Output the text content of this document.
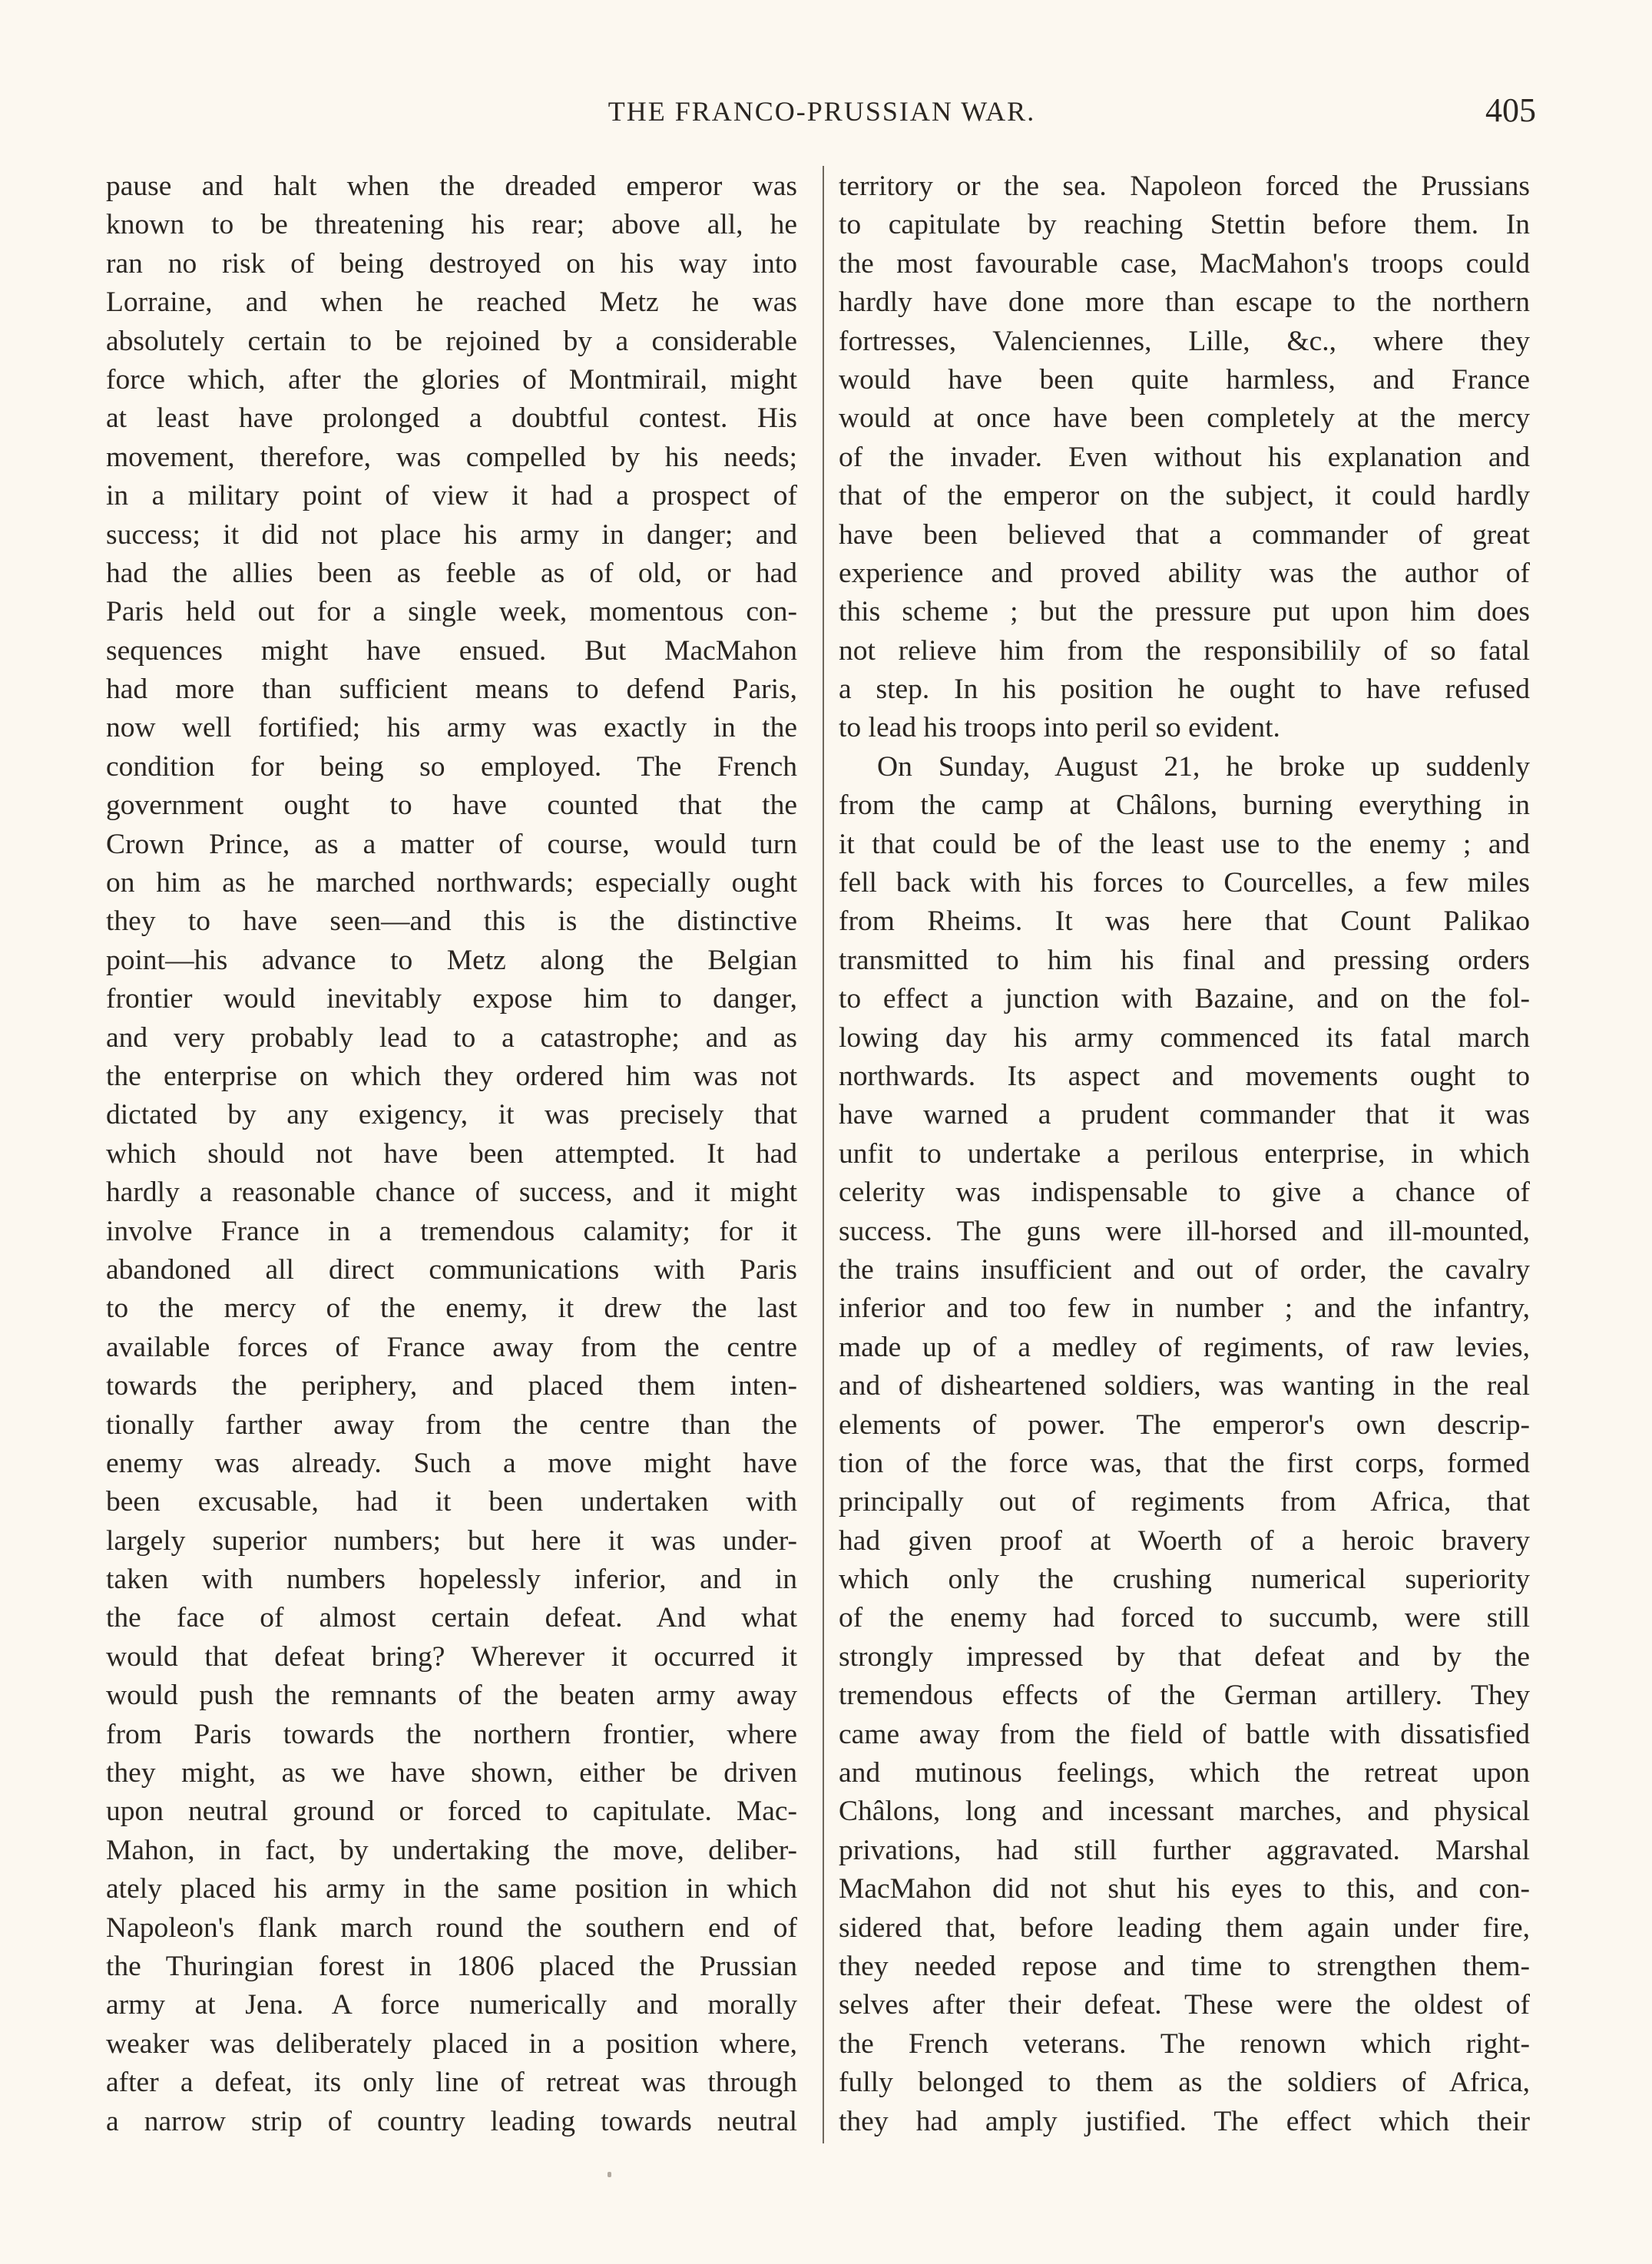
THE FRANCO-PRUSSIAN WAR.	405
pause and halt when the dreaded emperor was
known to be threatening his rear; above all, he
ran no risk of being destroyed on his way into
Lorraine, and when he reached Metz he was
absolutely certain to be rejoined by a considerable
force which, after the glories of Montmirail, might
at least have prolonged a doubtful contest. His
movement, therefore, was compelled by his needs;
in a military point of view it had a prospect of
success; it did not place his army in danger; and
had the allies been as feeble as of old, or had
Paris held out for a single week, momentous con-
sequences might have ensued. But MacMahon
had more than sufficient means to defend Paris,
now well fortified; his army was exactly in the
condition for being so employed. The French
government ought to have counted that the
Crown Prince, as a matter of course, would turn
on him as he marched northwards; especially ought
they to have seen—and this is the distinctive
point—his advance to Metz along the Belgian
frontier would inevitably expose him to danger,
and very probably lead to a catastrophe; and as
the enterprise on which they ordered him was not
dictated by any exigency, it was precisely that
which should not have been attempted. It had
hardly a reasonable chance of success, and it might
involve France in a tremendous calamity; for it
abandoned all direct communications with Paris
to the mercy of the enemy, it drew the last
available forces of France away from the centre
towards the periphery, and placed them inten-
tionally farther away from the centre than the
enemy was already. Such a move might have
been excusable, had it been undertaken with
largely superior numbers; but here it was under-
taken with numbers hopelessly inferior, and in
the face of almost certain defeat. And what
would that defeat bring? Wherever it occurred it
would push the remnants of the beaten army away
from Paris towards the northern frontier, where
they might, as we have shown, either be driven
upon neutral ground or forced to capitulate. Mac-
Mahon, in fact, by undertaking the move, deliber-
ately placed his army in the same position in which
Napoleon's flank march round the southern end of
the Thuringian forest in 1806 placed the Prussian
army at Jena. A force numerically and morally
weaker was deliberately placed in a position where,
after a defeat, its only line of retreat was through
a narrow strip of country leading towards neutral
territory or the sea. Napoleon forced the Prussians
to capitulate by reaching Stettin before them. In
the most favourable case, MacMahon's troops could
hardly have done more than escape to the northern
fortresses, Valenciennes, Lille, &c., where they
would have been quite harmless, and France
would at once have been completely at the mercy
of the invader. Even without his explanation and
that of the emperor on the subject, it could hardly
have been believed that a commander of great
experience and proved ability was the author of
this scheme ; but the pressure put upon him does
not relieve him from the responsibilily of so fatal
a step. In his position he ought to have refused
to lead his troops into peril so evident.
On Sunday, August 21, he broke up suddenly
from the camp at Châlons, burning everything in
it that could be of the least use to the enemy ; and
fell back with his forces to Courcelles, a few miles
from Rheims. It was here that Count Palikao
transmitted to him his final and pressing orders
to effect a junction with Bazaine, and on the fol-
lowing day his army commenced its fatal march
northwards. Its aspect and movements ought to
have warned a prudent commander that it was
unfit to undertake a perilous enterprise, in which
celerity was indispensable to give a chance of
success. The guns were ill-horsed and ill-mounted,
the trains insufficient and out of order, the cavalry
inferior and too few in number ; and the infantry,
made up of a medley of regiments, of raw levies,
and of disheartened soldiers, was wanting in the real
elements of power. The emperor's own descrip-
tion of the force was, that the first corps, formed
principally out of regiments from Africa, that
had given proof at Woerth of a heroic bravery
which only the crushing numerical superiority
of the enemy had forced to succumb, were still
strongly impressed by that defeat and by the
tremendous effects of the German artillery. They
came away from the field of battle with dissatisfied
and mutinous feelings, which the retreat upon
Châlons, long and incessant marches, and physical
privations, had still further aggravated. Marshal
MacMahon did not shut his eyes to this, and con-
sidered that, before leading them again under fire,
they needed repose and time to strengthen them-
selves after their defeat. These were the oldest of
the French veterans. The renown which right-
fully belonged to them as the soldiers of Africa,
they had amply justified. The effect which their
